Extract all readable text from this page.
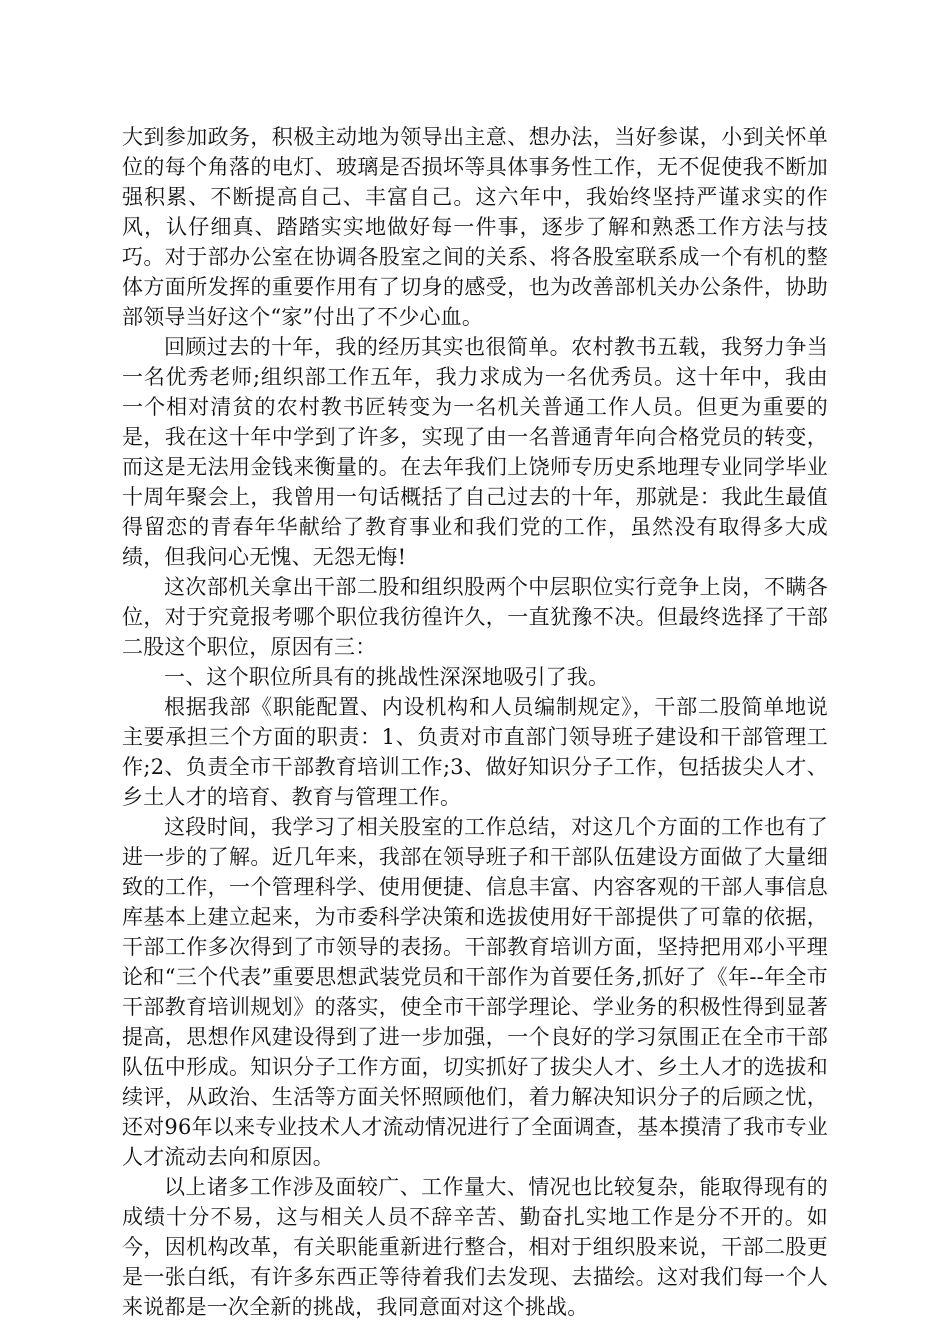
大到参加政务，积极主动地为领导出主意、想办法，当好参谋，小到关怀单位的每个角落的电灯、玻璃是否损坏等具体事务性工作，无不促使我不断加强积累、不断提高自己、丰富自己。这六年中，我始终坚持严谨求实的作风，认仔细真、踏踏实实地做好每一件事，逐步了解和熟悉工作方法与技巧。对于部办公室在协调各股室之间的关系、将各股室联系成一个有机的整体方面所发挥的重要作用有了切身的感受，也为改善部机关办公条件，协助部领导当好这个“家”付出了不少心血。

回顾过去的十年，我的经历其实也很简单。农村教书五载，我努力争当一名优秀老师;组织部工作五年，我力求成为一名优秀员。这十年中，我由一个相对清贫的农村教书匠转变为一名机关普通工作人员。但更为重要的是，我在这十年中学到了许多，实现了由一名普通青年向合格党员的转变，而这是无法用金钱来衡量的。在去年我们上饶师专历史系地理专业同学毕业十周年聚会上，我曾用一句话概括了自己过去的十年，那就是：我此生最值得留恋的青春年华献给了教育事业和我们党的工作，虽然没有取得多大成绩，但我问心无愧、无怨无悔!

这次部机关拿出干部二股和组织股两个中层职位实行竞争上岗，不瞒各位，对于究竟报考哪个职位我彷徨许久，一直犹豫不决。但最终选择了干部二股这个职位，原因有三：

一、这个职位所具有的挑战性深深地吸引了我。

根据我部《职能配置、内设机构和人员编制规定》，干部二股简单地说主要承担三个方面的职责：1、负责对市直部门领导班子建设和干部管理工作;2、负责全市干部教育培训工作;3、做好知识分子工作，包括拔尖人才、乡土人才的培育、教育与管理工作。

这段时间，我学习了相关股室的工作总结，对这几个方面的工作也有了进一步的了解。近几年来，我部在领导班子和干部队伍建设方面做了大量细致的工作，一个管理科学、使用便捷、信息丰富、内容客观的干部人事信息库基本上建立起来，为市委科学决策和选拔使用好干部提供了可靠的依据，干部工作多次得到了市领导的表扬。干部教育培训方面，坚持把用邓小平理论和“三个代表”重要思想武装党员和干部作为首要任务,抓好了《年--年全市干部教育培训规划》的落实，使全市干部学理论、学业务的积极性得到显著提高，思想作风建设得到了进一步加强，一个良好的学习氛围正在全市干部队伍中形成。知识分子工作方面，切实抓好了拔尖人才、乡土人才的选拔和续评，从政治、生活等方面关怀照顾他们，着力解决知识分子的后顾之忧，还对96年以来专业技术人才流动情况进行了全面调查，基本摸清了我市专业人才流动去向和原因。

以上诸多工作涉及面较广、工作量大、情况也比较复杂，能取得现有的成绩十分不易，这与相关人员不辞辛苦、勤奋扎实地工作是分不开的。如今，因机构改革，有关职能重新进行整合，相对于组织股来说，干部二股更是一张白纸，有许多东西正等待着我们去发现、去描绘。这对我们每一个人来说都是一次全新的挑战，我同意面对这个挑战。
